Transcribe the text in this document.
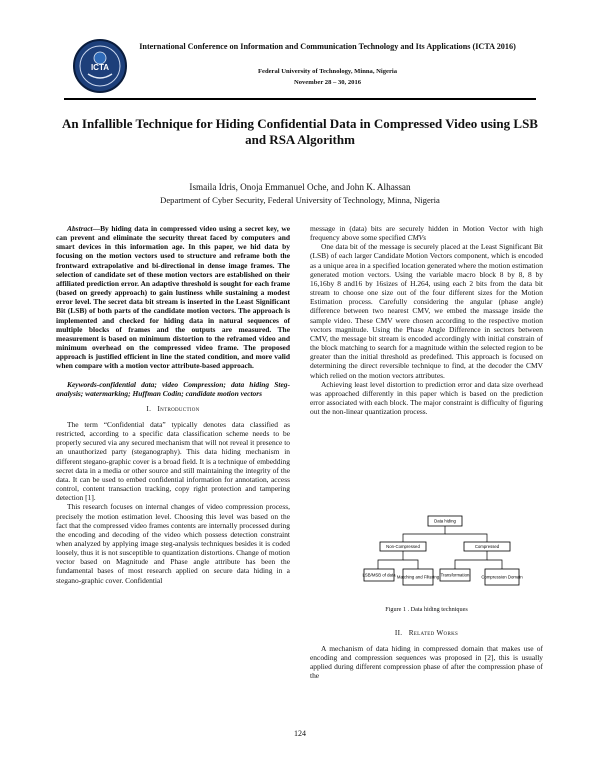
ICTA
International Conference on Information and Communication Technology and Its Applications (ICTA 2016)
Federal University of Technology, Minna, Nigeria
November 28 – 30, 2016
An Infallible Technique for Hiding Confidential Data in Compressed Video using LSB and RSA Algorithm
Ismaila Idris, Onoja Emmanuel Oche, and John K. Alhassan
Department of Cyber Security, Federal University of Technology, Minna, Nigeria

Abstract—By hiding data in compressed video using a secret key, we can prevent and eliminate the security threat faced by computers and smart devices in this information age. In this paper, we hid data by focusing on the motion vectors used to structure and reframe both the frontward extrapolative and bi-directional in dense image frames. The selection of candidate set of these motion vectors are established on their affiliated prediction error. An adaptive threshold is sought for each frame (based on greedy approach) to gain lustiness while sustaining a modest error level. The secret data bit stream is inserted in the Least Significant Bit (LSB) of both parts of the candidate motion vectors. The approach is implemented and checked for hiding data in natural sequences of multiple blocks of frames and the outputs are measured. The measurement is based on minimum distortion to the reframed video and minimum overhead on the compressed video frame. The proposed approach is justified efficient in line the stated condition, and more valid when compare with a motion vector attribute-based approach.

Keywords-confidential data; video Compression; data hiding Steg-analysis; watermarking; Huffman Codin; candidate motion vectors

I. Introduction

The term “Confidential data” typically denotes data classified as restricted, according to a specific data classification scheme needs to be properly secured via any secured mechanism that will not reveal it presence to an unauthorized party (steganography). This data hiding mechanism in different stegano-graphic cover is a broad field. It is a technique of embedding secret data in a media or other source and still maintaining the integrity of the data. It can be used to embed confidential information for annotation, access control, content transaction tracking, copy right protection and tampering detection [1].

This research focuses on internal changes of video compression process, precisely the motion estimation level. Choosing this level was based on the fact that the compressed video frames contents are internally processed during the encoding and decoding of the video which possess detection constraint when analyzed by applying image steg-analysis techniques besides it is coded loosely, thus it is not susceptible to quantization distortions. Change of motion vector based on Magnitude and Phase angle attribute has been the fundamental bases of most research applied on secure data hiding in a stegano-graphic cover. Confidential

message in (data) bits are securely hidden in Motion Vector with high frequency above some specified CMVs

One data bit of the message is securely placed at the Least Significant Bit (LSB) of each larger Candidate Motion Vectors component, which is encoded as a unique area in a specified location generated where the motion estimation generated motion vectors. Using the variable macro block 8 by 8, 8 by 16,16by 8 and16 by 16sizes of H.264, using each 2 bits from the data bit stream to choose one size out of the four different sizes for the Motion Estimation process. Carefully considering the angular (phase angle) difference between two nearest CMV, we embed the massage inside the sample video. These CMV were chosen according to the respective motion vectors magnitude. Using the Phase Angle Difference in sectors between CMV, the message bit stream is encoded accordingly with initial constrain of the block matching to search for a magnitude within the selected region to be greater than the initial threshold as predefined. This approach is focused on determining the direct reversible technique to find, at the decoder the CMV which relied on the motion vectors attributes.

Achieving least level distortion to prediction error and data size overhead was approached differently in this paper which is based on the prediction error associated with each block. The major constraint is difficulty of figuring out the non-linear quantization process.

Data hiding
Non-Compressed	Compressed
LSB/MSB of data Matching and Filtering Transformation	Compression Domain
Figure 1 . Data hiding techniques
II. Related Works

A mechanism of data hiding in compressed domain that makes use of encoding and compression sequences was proposed in [2], this is usually applied during different compression phase of after the compression phase of the

124
